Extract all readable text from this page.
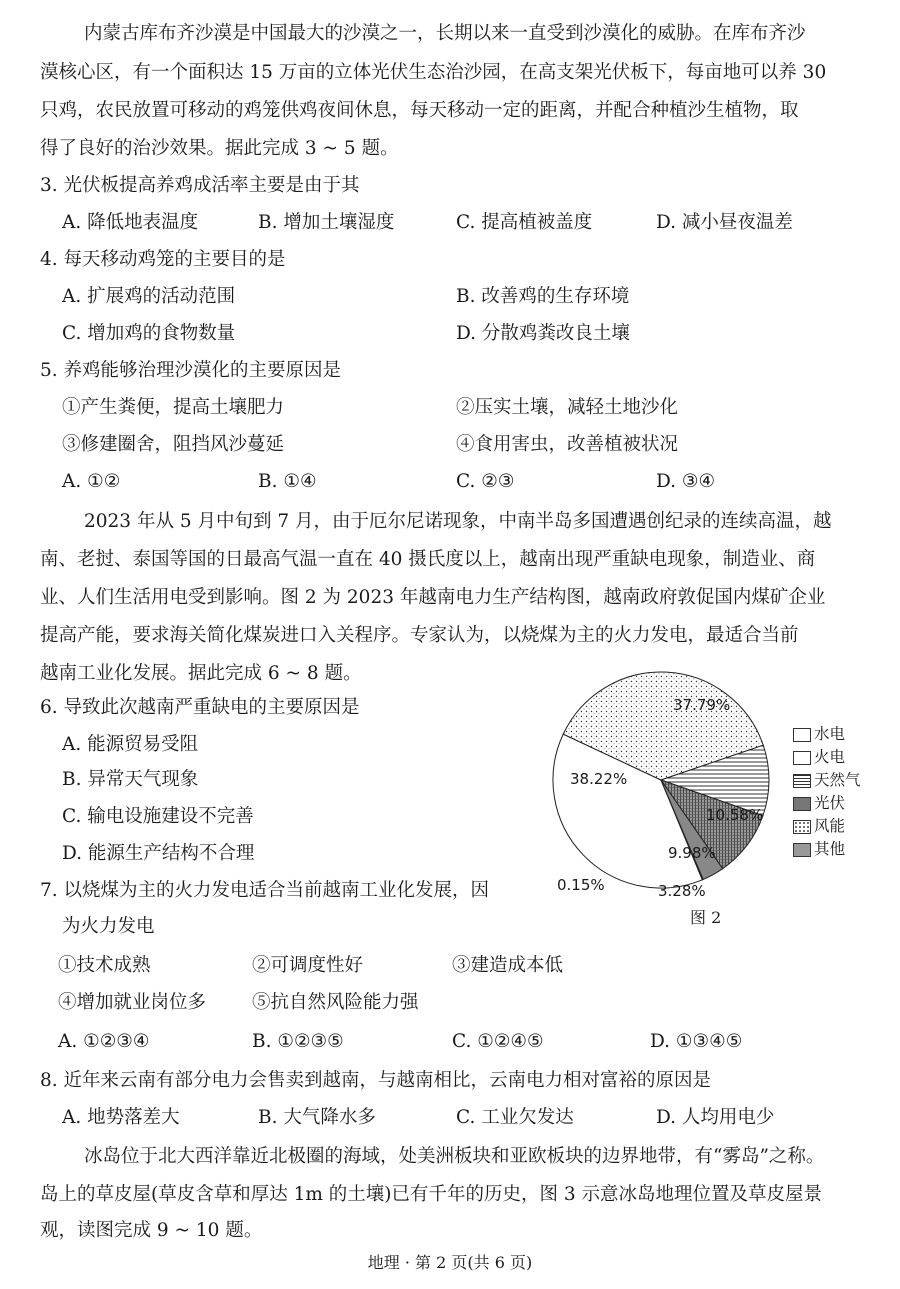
内蒙古库布齐沙漠是中国最大的沙漠之一，长期以来一直受到沙漠化的威胁。在库布齐沙
漠核心区，有一个面积达 15 万亩的立体光伏生态治沙园，在高支架光伏板下，每亩地可以养 30
只鸡，农民放置可移动的鸡笼供鸡夜间休息，每天移动一定的距离，并配合种植沙生植物，取
得了良好的治沙效果。据此完成 3 ~ 5 题。
3. 光伏板提高养鸡成活率主要是由于其
A. 降低地表温度	B. 增加土壤湿度	C. 提高植被盖度	D. 减小昼夜温差
4. 每天移动鸡笼的主要目的是
A. 扩展鸡的活动范围	B. 改善鸡的生存环境
C. 增加鸡的食物数量	D. 分散鸡粪改良土壤
5. 养鸡能够治理沙漠化的主要原因是
①产生粪便，提高土壤肥力	②压实土壤，减轻土地沙化
③修建圈舍，阻挡风沙蔓延	④食用害虫，改善植被状况
A. ①②	B. ①④	C. ②③	D. ③④
2023 年从 5 月中旬到 7 月，由于厄尔尼诺现象，中南半岛多国遭遇创纪录的连续高温，越
南、老挝、泰国等国的日最高气温一直在 40 摄氏度以上，越南出现严重缺电现象，制造业、商
业、人们生活用电受到影响。图 2 为 2023 年越南电力生产结构图，越南政府敦促国内煤矿企业
提高产能，要求海关简化煤炭进口入关程序。专家认为，以烧煤为主的火力发电，最适合当前
越南工业化发展。据此完成 6 ~ 8 题。
6. 导致此次越南严重缺电的主要原因是
A. 能源贸易受阻
B. 异常天气现象
C. 输电设施建设不完善
D. 能源生产结构不合理
0.15%
38.22%
37.79%
10.58%
9.98%
3.28%
水电
火电
天然气
光伏
风能
其他
图 2
7. 以烧煤为主的火力发电适合当前越南工业化发展，因
为火力发电
①技术成熟	②可调度性好	③建造成本低
④增加就业岗位多 ⑤抗自然风险能力强
A. ①②③④	B. ①②③⑤	C. ①②④⑤	D. ①③④⑤
8. 近年来云南有部分电力会售卖到越南，与越南相比，云南电力相对富裕的原因是
A. 地势落差大	B. 大气降水多	C. 工业欠发达	D. 人均用电少
冰岛位于北大西洋靠近北极圈的海域，处美洲板块和亚欧板块的边界地带，有“雾岛”之称。
岛上的草皮屋(草皮含草和厚达 1m 的土壤)已有千年的历史，图 3 示意冰岛地理位置及草皮屋景
观，读图完成 9 ~ 10 题。
地理 · 第 2 页(共 6 页)
